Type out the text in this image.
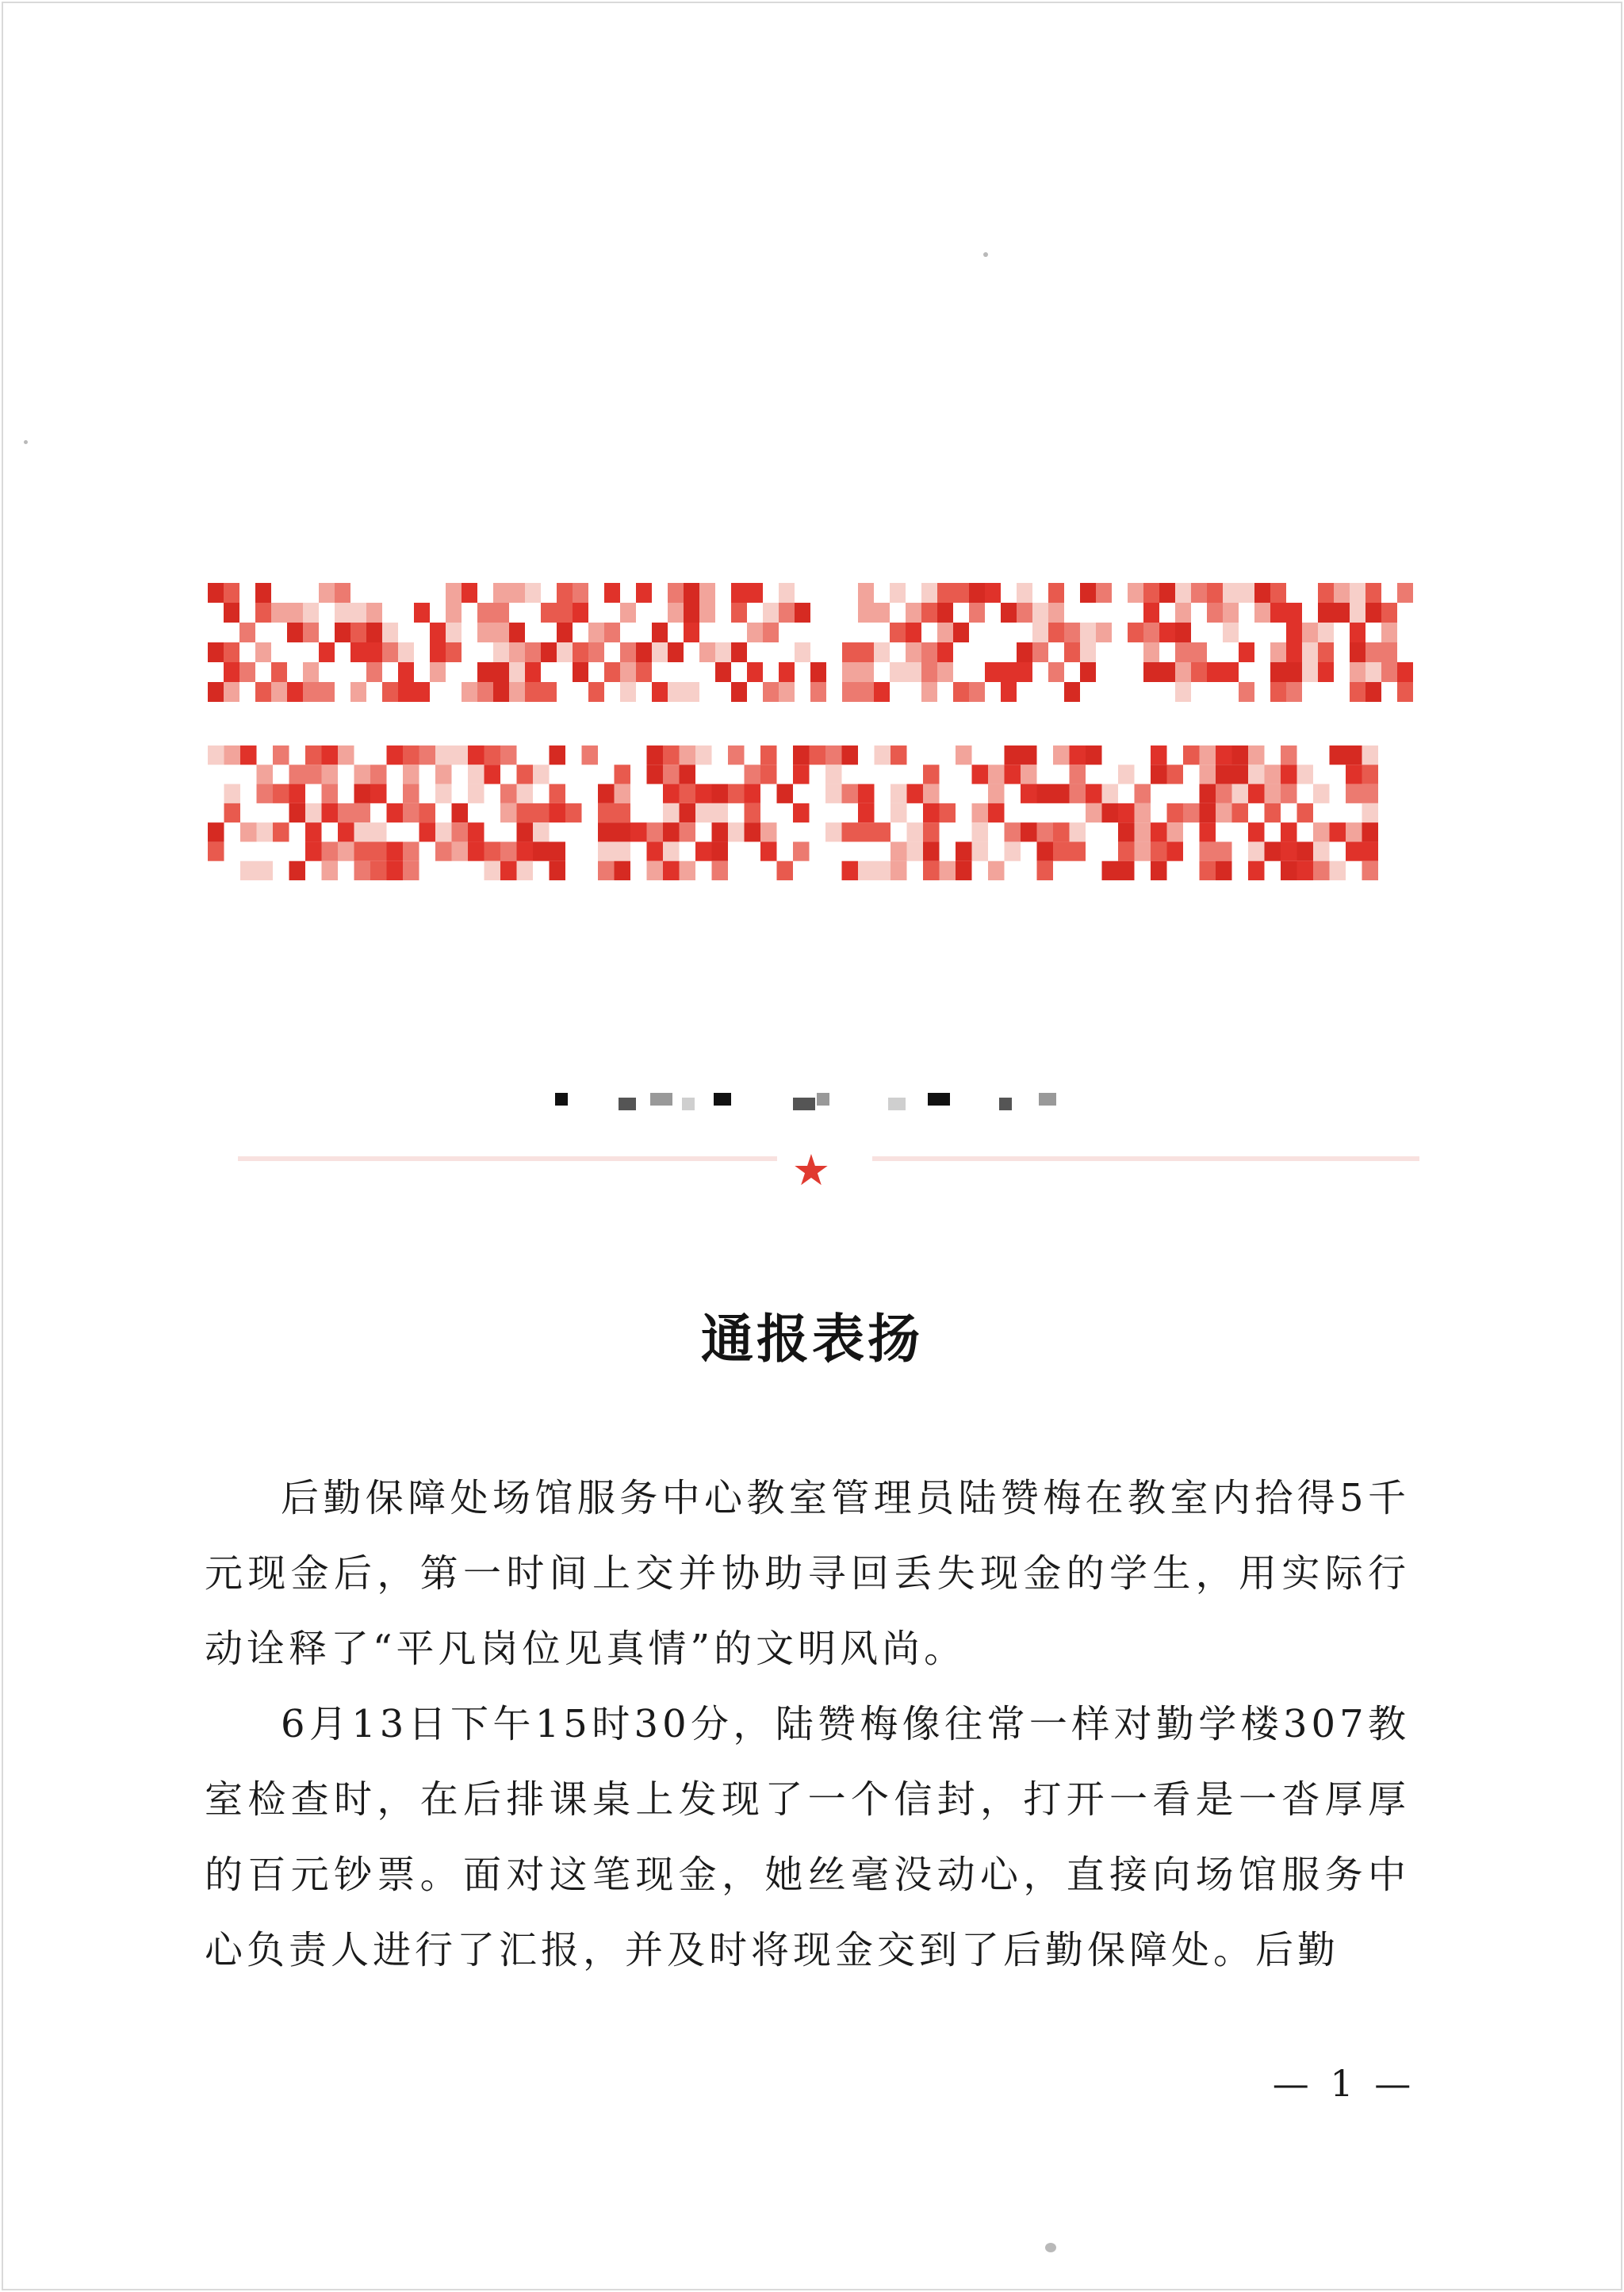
★
通报表扬

后勤保障处场馆服务中心教室管理员陆赞梅在教室内拾得5千元现金后，第一时间上交并协助寻回丢失现金的学生，用实际行动诠释了“平凡岗位见真情”的文明风尚。

6月13日下午15时30分，陆赞梅像往常一样对勤学楼307教室检查时，在后排课桌上发现了一个信封，打开一看是一沓厚厚的百元钞票。面对这笔现金，她丝毫没动心，直接向场馆服务中心负责人进行了汇报，并及时将现金交到了后勤保障处。后勤

— 1 —
